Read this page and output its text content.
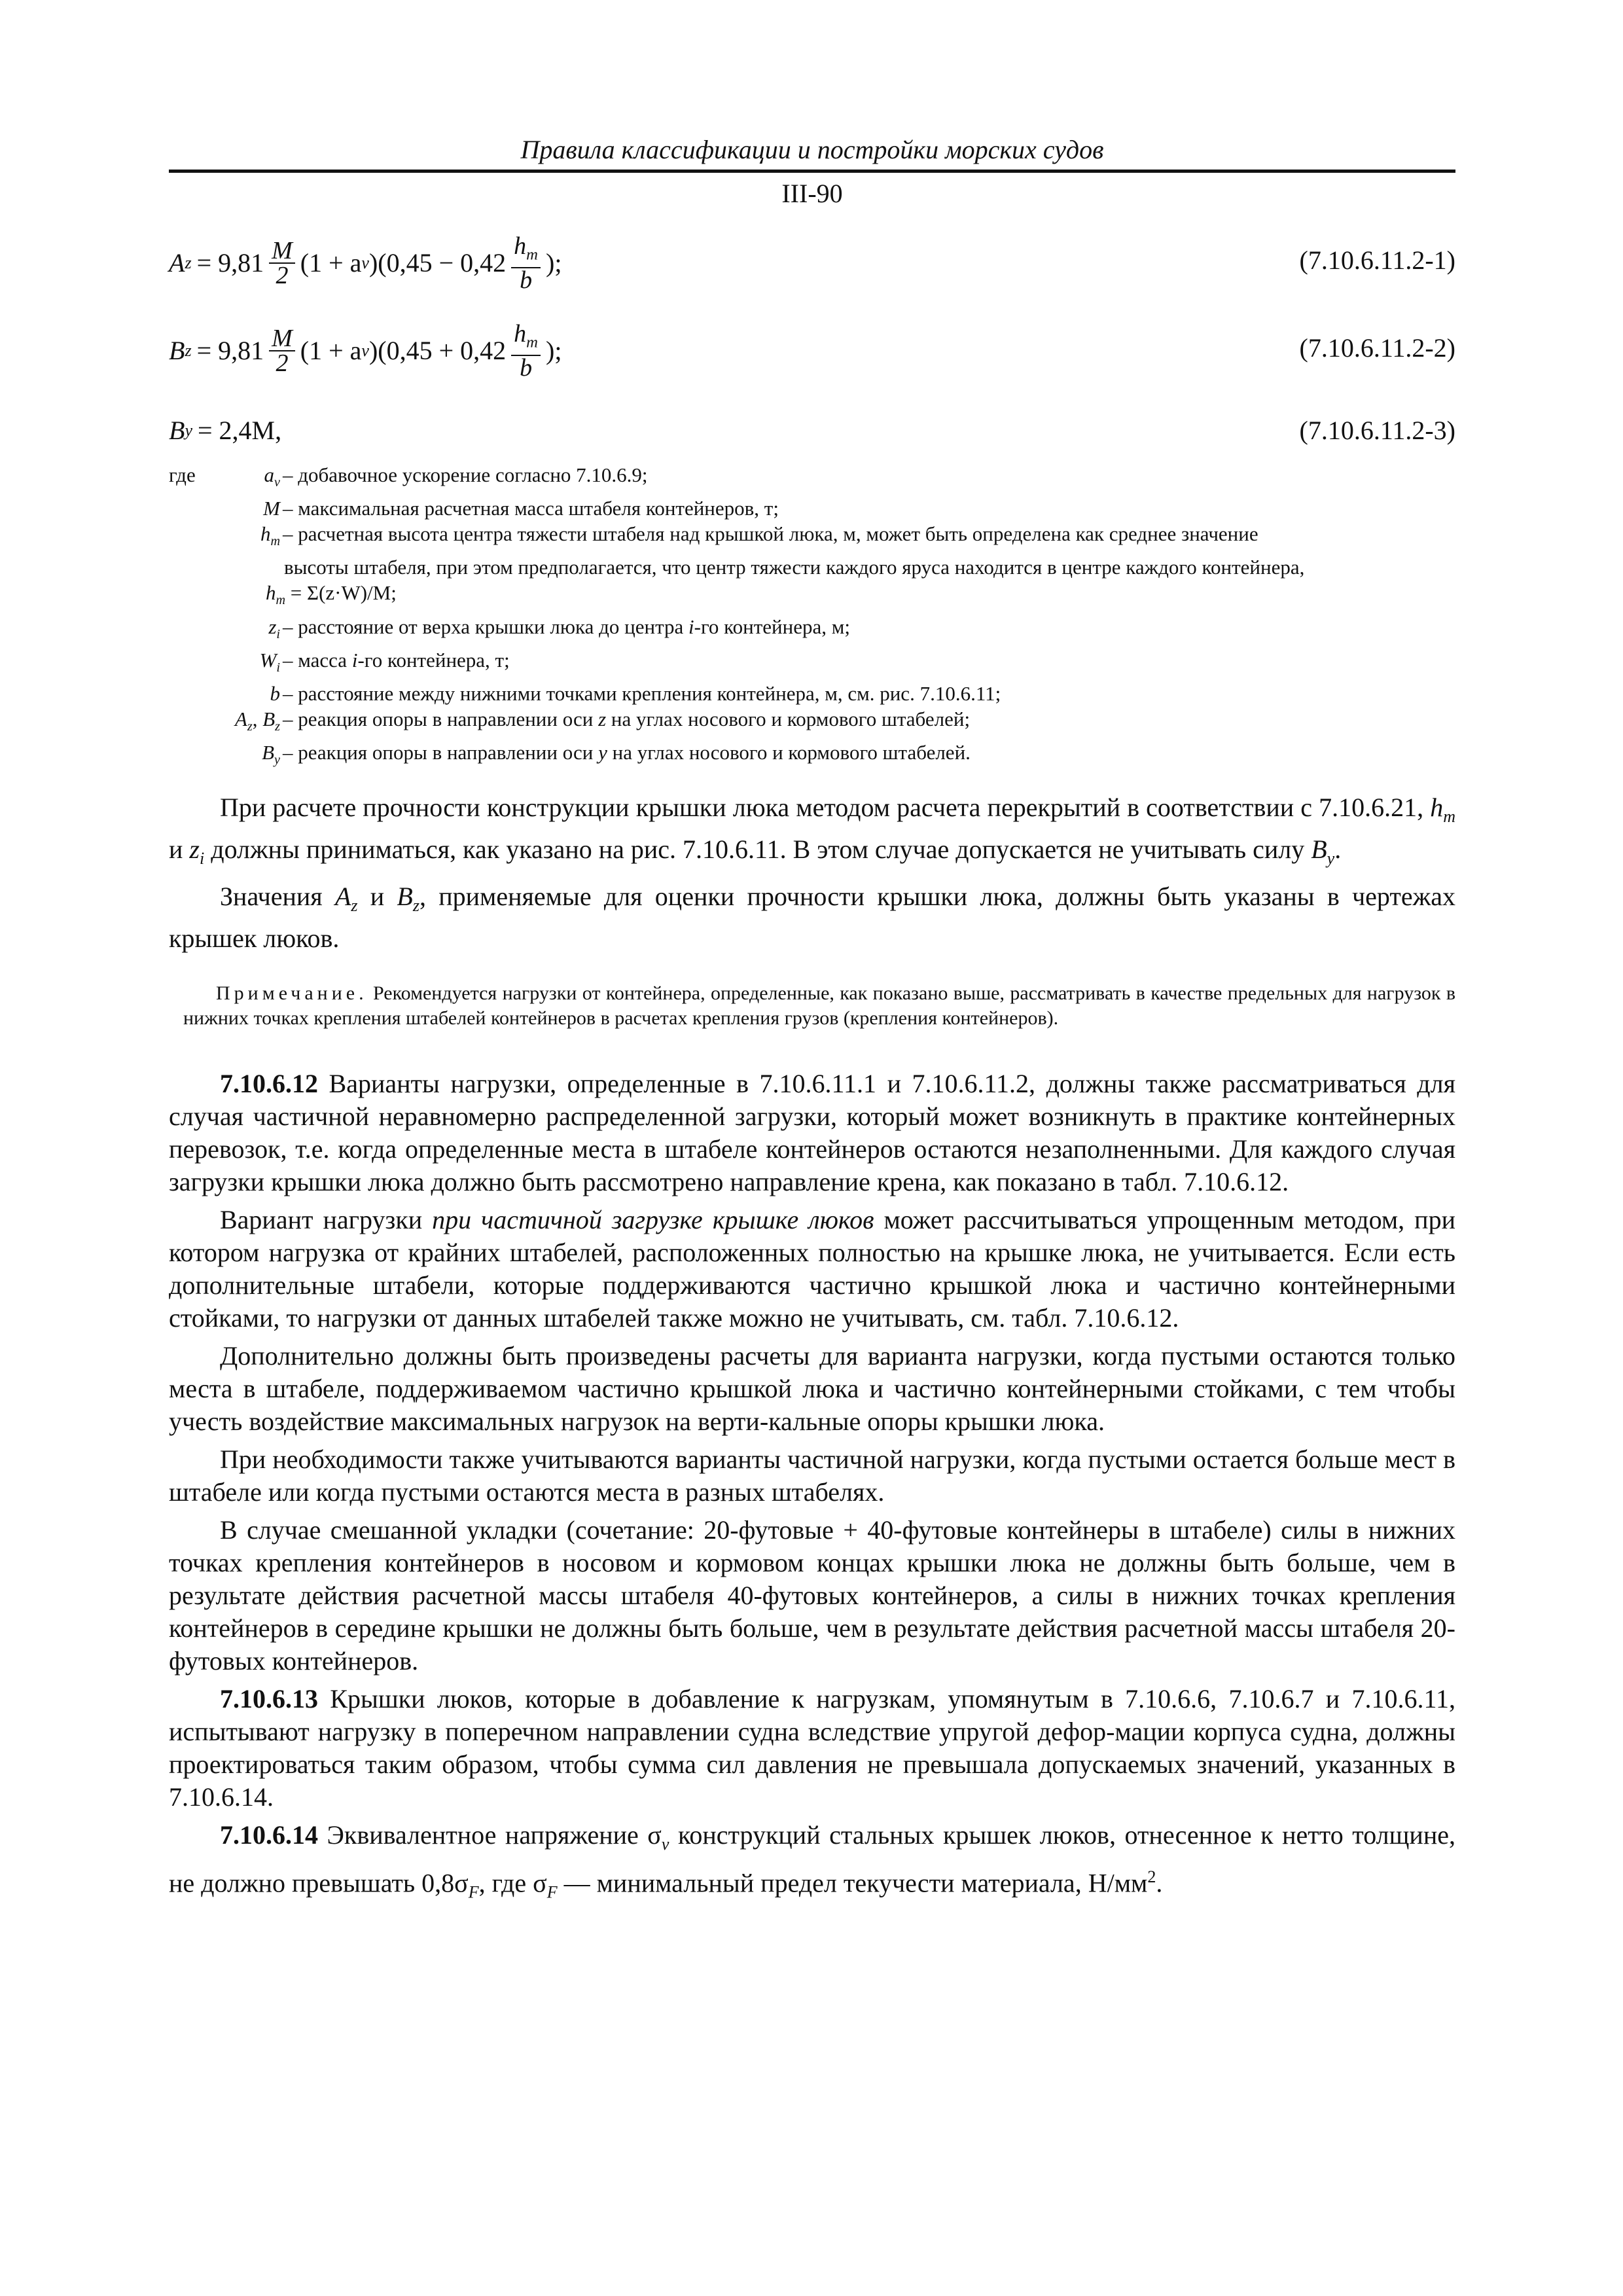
Правила классификации и постройки морских судов
III-90
A $z = 9,81 \frac{M}{2} (1 + a$ v )($0,45 - 0,42 \frac{h_m}{b}$ );	(7.10.6.11.2-1)
B $z = 9,81 \frac{M}{2} (1 + a$ v )($0,45 + 0,42 \frac{h_m}{b}$ );	(7.10.6.11.2-2)
B y = 2,4M,	(7.10.6.11.2-3)
где	$a_v$ – добавочное ускорение согласно 7.10.6.9;
M – максимальная расчетная масса штабеля контейнеров, т;
$h_m$ – расчетная высота центра тяжести штабеля над крышкой люка, м, может быть определена как среднее значение
высоты штабеля, при этом предполагается, что центр тяжести каждого яруса находится в центре каждого контейнера,
$h_m = \Sigma(z\cdot W)/M$;
$z_i$ – расстояние от верха крышки люка до центра i-го контейнера, м;
$W_i$ – масса i-го контейнера, т;
b – расстояние между нижними точками крепления контейнера, м, см. рис. 7.10.6.11;
$A_z$, $B_z$ – реакция опоры в направлении оси z на углах носового и кормового штабелей;
$B_y$ – реакция опоры в направлении оси y на углах носового и кормового штабелей.

При расчете прочности конструкции крышки люка методом расчета перекрытий в соответствии с 7.10.6.21, $h_m$ и $z_i$ должны приниматься, как указано на рис. 7.10.6.11. В этом случае допускается не учитывать силу $B_y$.

Значения $A_z$ и $B_z$, применяемые для оценки прочности крышки люка, должны быть указаны в чертежах крышек люков.

Примечание. Рекомендуется нагрузки от контейнера, определенные, как показано выше, рассматривать в качестве предельных для нагрузок в нижних точках крепления штабелей контейнеров в расчетах крепления грузов (крепления контейнеров).

7.10.6.12 Варианты нагрузки, определенные в 7.10.6.11.1 и 7.10.6.11.2, должны также рассматриваться для случая частичной неравномерно распределенной загрузки, который может возникнуть в практике контейнерных перевозок, т.е. когда определенные места в штабеле контейнеров остаются незаполненными. Для каждого случая загрузки крышки люка должно быть рассмотрено направление крена, как показано в табл. 7.10.6.12.

Вариант нагрузки при частичной загрузке крышке люков может рассчитываться упрощенным методом, при котором нагрузка от крайних штабелей, расположенных полностью на крышке люка, не учитывается. Если есть дополнительные штабели, которые поддерживаются частично крышкой люка и частично контейнерными стойками, то нагрузки от данных штабелей также можно не учитывать, см. табл. 7.10.6.12.

Дополнительно должны быть произведены расчеты для варианта нагрузки, когда пустыми остаются только места в штабеле, поддерживаемом частично крышкой люка и частично контейнерными стойками, с тем чтобы учесть воздействие максимальных нагрузок на верти-кальные опоры крышки люка.

При необходимости также учитываются варианты частичной нагрузки, когда пустыми остается больше мест в штабеле или когда пустыми остаются места в разных штабелях.

В случае смешанной укладки (сочетание: 20-футовые + 40-футовые контейнеры в штабеле) силы в нижних точках крепления контейнеров в носовом и кормовом концах крышки люка не должны быть больше, чем в результате действия расчетной массы штабеля 40-футовых контейнеров, а силы в нижних точках крепления контейнеров в середине крышки не должны быть больше, чем в результате действия расчетной массы штабеля 20-футовых контейнеров.

7.10.6.13 Крышки люков, которые в добавление к нагрузкам, упомянутым в 7.10.6.6, 7.10.6.7 и 7.10.6.11, испытывают нагрузку в поперечном направлении судна вследствие упругой дефор-мации корпуса судна, должны проектироваться таким образом, чтобы сумма сил давления не превышала допускаемых значений, указанных в 7.10.6.14.

7.10.6.14 Эквивалентное напряжение $\sigma_v$ конструкций стальных крышек люков, отнесенное к нетто толщине, не должно превышать $0,8\sigma_F$, где $\sigma_F$ — минимальный предел текучести материала, $Н/мм^2$.
